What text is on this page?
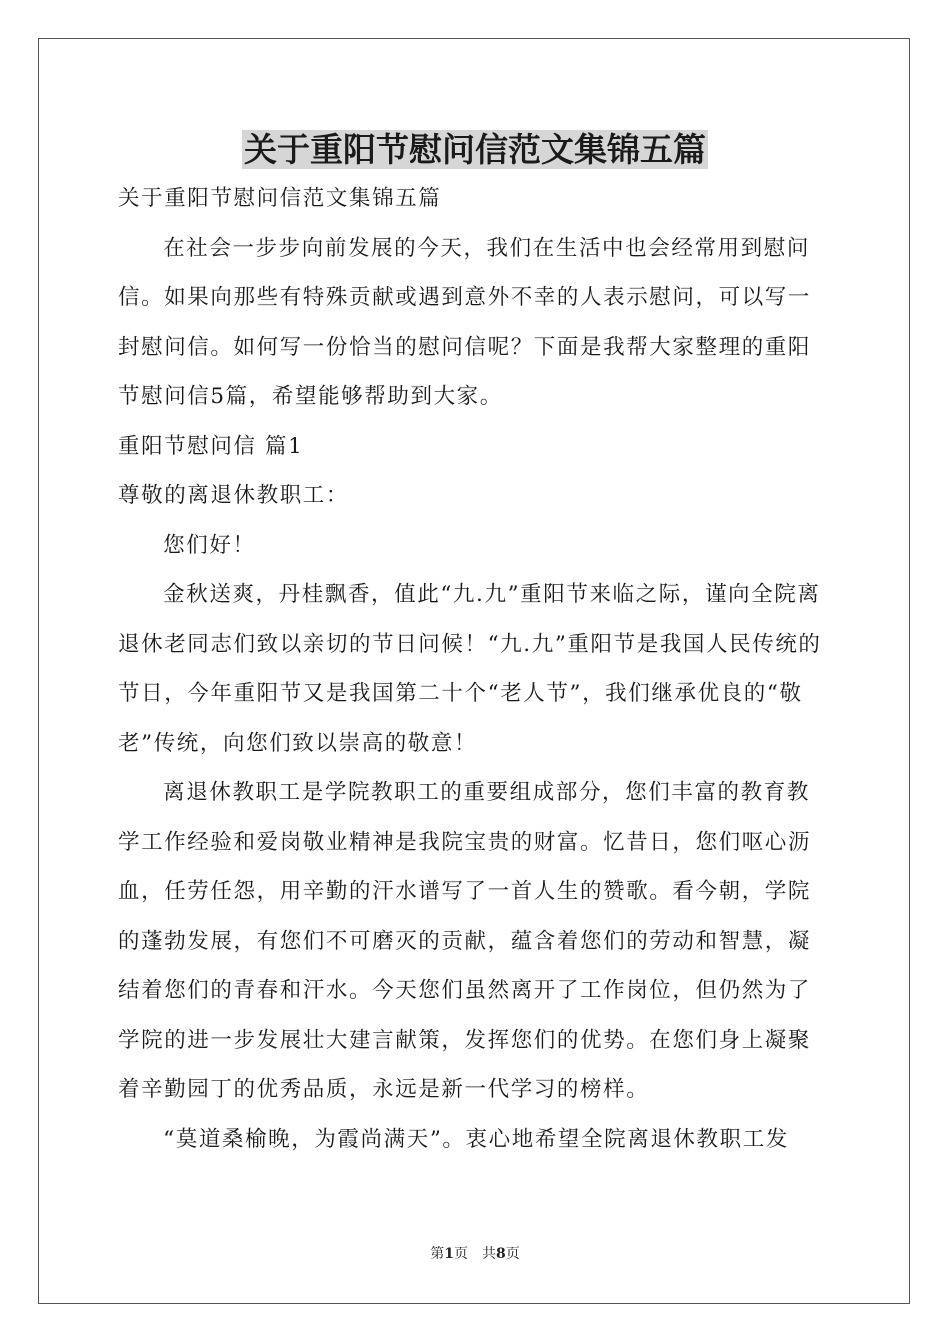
关于重阳节慰问信范文集锦五篇

关于重阳节慰问信范文集锦五篇

在社会一步步向前发展的今天，我们在生活中也会经常用到慰问信。如果向那些有特殊贡献或遇到意外不幸的人表示慰问，可以写一封慰问信。如何写一份恰当的慰问信呢？下面是我帮大家整理的重阳节慰问信5篇，希望能够帮助到大家。

重阳节慰问信 篇1

尊敬的离退休教职工：

您们好！

金秋送爽，丹桂飘香，值此“九.九”重阳节来临之际，谨向全院离退休老同志们致以亲切的节日问候！“九.九”重阳节是我国人民传统的节日，今年重阳节又是我国第二十个“老人节”，我们继承优良的“敬老”传统，向您们致以崇高的敬意！

离退休教职工是学院教职工的重要组成部分，您们丰富的教育教学工作经验和爱岗敬业精神是我院宝贵的财富。忆昔日，您们呕心沥血，任劳任怨，用辛勤的汗水谱写了一首人生的赞歌。看今朝，学院的蓬勃发展，有您们不可磨灭的贡献，蕴含着您们的劳动和智慧，凝结着您们的青春和汗水。今天您们虽然离开了工作岗位，但仍然为了学院的进一步发展壮大建言献策，发挥您们的优势。在您们身上凝聚着辛勤园丁的优秀品质，永远是新一代学习的榜样。

“莫道桑榆晚，为霞尚满天”。衷心地希望全院离退休教职工发

第1页　共8页
